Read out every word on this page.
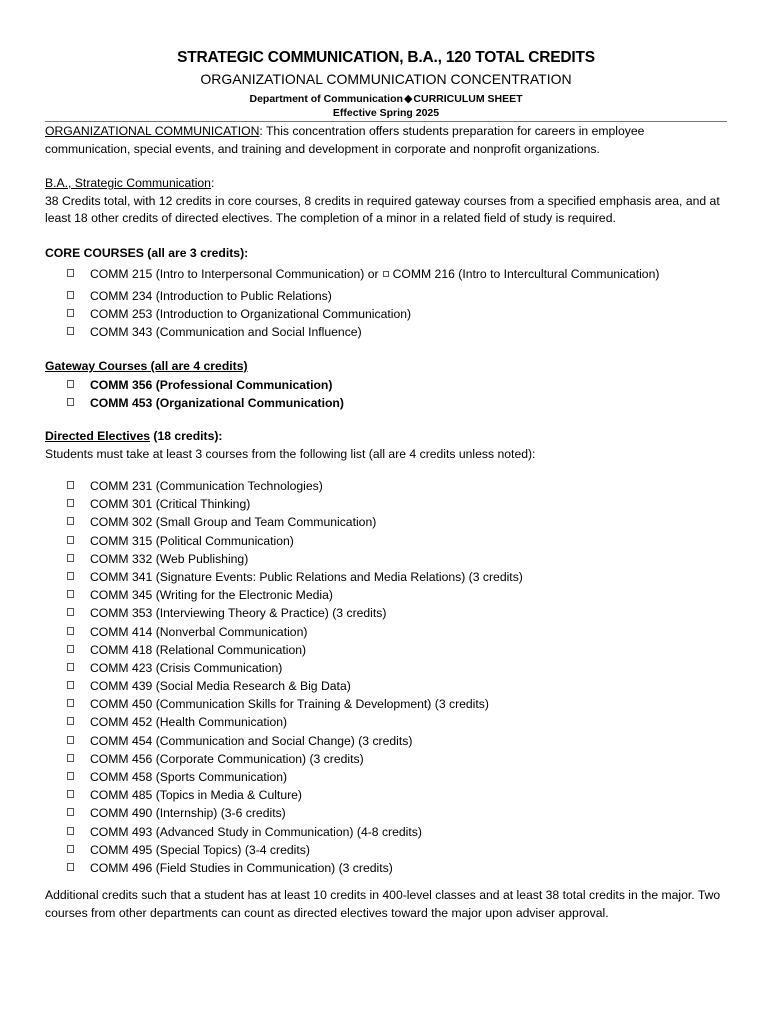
STRATEGIC COMMUNICATION, B.A., 120 TOTAL CREDITS
ORGANIZATIONAL COMMUNICATION CONCENTRATION
Department of Communication◆CURRICULUM SHEET
Effective Spring 2025
ORGANIZATIONAL COMMUNICATION: This concentration offers students preparation for careers in employee communication, special events, and training and development in corporate and nonprofit organizations.
B.A., Strategic Communication:
38 Credits total, with 12 credits in core courses, 8 credits in required gateway courses from a specified emphasis area, and at least 18 other credits of directed electives. The completion of a minor in a related field of study is required.
CORE COURSES (all are 3 credits):
COMM 215 (Intro to Interpersonal Communication) or COMM 216 (Intro to Intercultural Communication)
COMM 234 (Introduction to Public Relations)
COMM 253 (Introduction to Organizational Communication)
COMM 343 (Communication and Social Influence)
Gateway Courses (all are 4 credits)
COMM 356 (Professional Communication)
COMM 453 (Organizational Communication)
Directed Electives (18 credits):
Students must take at least 3 courses from the following list (all are 4 credits unless noted):
COMM 231 (Communication Technologies)
COMM 301 (Critical Thinking)
COMM 302 (Small Group and Team Communication)
COMM 315 (Political Communication)
COMM 332 (Web Publishing)
COMM 341 (Signature Events: Public Relations and Media Relations) (3 credits)
COMM 345 (Writing for the Electronic Media)
COMM 353 (Interviewing Theory & Practice) (3 credits)
COMM 414 (Nonverbal Communication)
COMM 418 (Relational Communication)
COMM 423 (Crisis Communication)
COMM 439 (Social Media Research & Big Data)
COMM 450 (Communication Skills for Training & Development) (3 credits)
COMM 452 (Health Communication)
COMM 454 (Communication and Social Change) (3 credits)
COMM 456 (Corporate Communication) (3 credits)
COMM 458 (Sports Communication)
COMM 485 (Topics in Media & Culture)
COMM 490 (Internship) (3-6 credits)
COMM 493 (Advanced Study in Communication) (4-8 credits)
COMM 495 (Special Topics) (3-4 credits)
COMM 496 (Field Studies in Communication) (3 credits)
Additional credits such that a student has at least 10 credits in 400-level classes and at least 38 total credits in the major. Two courses from other departments can count as directed electives toward the major upon adviser approval.
